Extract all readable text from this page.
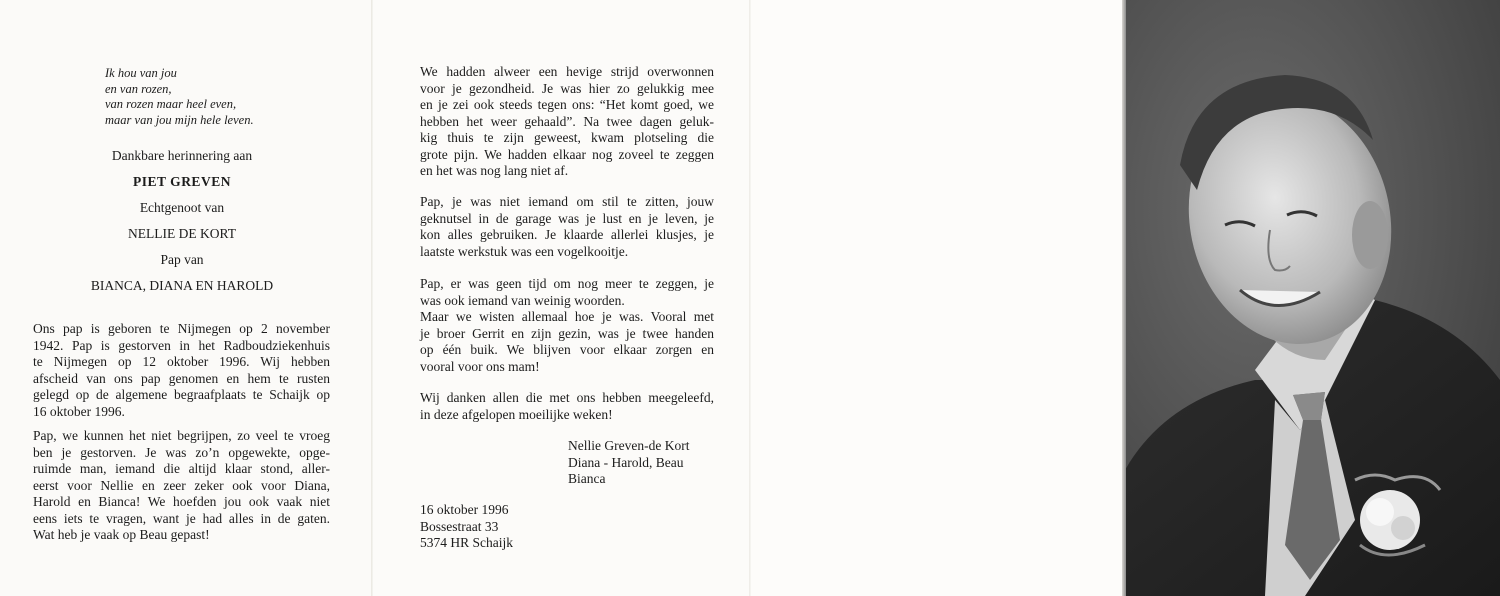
Ik hou van jou
en van rozen,
van rozen maar heel even,
maar van jou mijn hele leven.
Dankbare herinnering aan
PIET GREVEN
Echtgenoot van
NELLIE DE KORT
Pap van
BIANCA, DIANA EN HAROLD
Ons pap is geboren te Nijmegen op 2 november
1942. Pap is gestorven in het Radboudziekenhuis
te Nijmegen op 12 oktober 1996. Wij hebben
afscheid van ons pap genomen en hem te rusten
gelegd op de algemene begraafplaats te Schaijk op
16 oktober 1996.
Pap, we kunnen het niet begrijpen, zo veel te vroeg
ben je gestorven. Je was zo’n opgewekte, opge-
ruimde man, iemand die altijd klaar stond, aller-
eerst voor Nellie en zeer zeker ook voor Diana,
Harold en Bianca! We hoefden jou ook vaak niet
eens iets te vragen, want je had alles in de gaten.
Wat heb je vaak op Beau gepast!
We hadden alweer een hevige strijd overwonnen
voor je gezondheid. Je was hier zo gelukkig mee
en je zei ook steeds tegen ons: “Het komt goed, we
hebben het weer gehaald”. Na twee dagen geluk-
kig thuis te zijn geweest, kwam plotseling die
grote pijn. We hadden elkaar nog zoveel te zeggen
en het was nog lang niet af.
Pap, je was niet iemand om stil te zitten, jouw
geknutsel in de garage was je lust en je leven, je
kon alles gebruiken. Je klaarde allerlei klusjes, je
laatste werkstuk was een vogelkooitje.
Pap, er was geen tijd om nog meer te zeggen, je
was ook iemand van weinig woorden.
Maar we wisten allemaal hoe je was. Vooral met
je broer Gerrit en zijn gezin, was je twee handen
op één buik. We blijven voor elkaar zorgen en
vooral voor ons mam!
Wij danken allen die met ons hebben meegeleefd,
in deze afgelopen moeilijke weken!
Nellie Greven-de Kort
Diana - Harold, Beau
Bianca
16 oktober 1996
Bossestraat 33
5374 HR Schaijk
